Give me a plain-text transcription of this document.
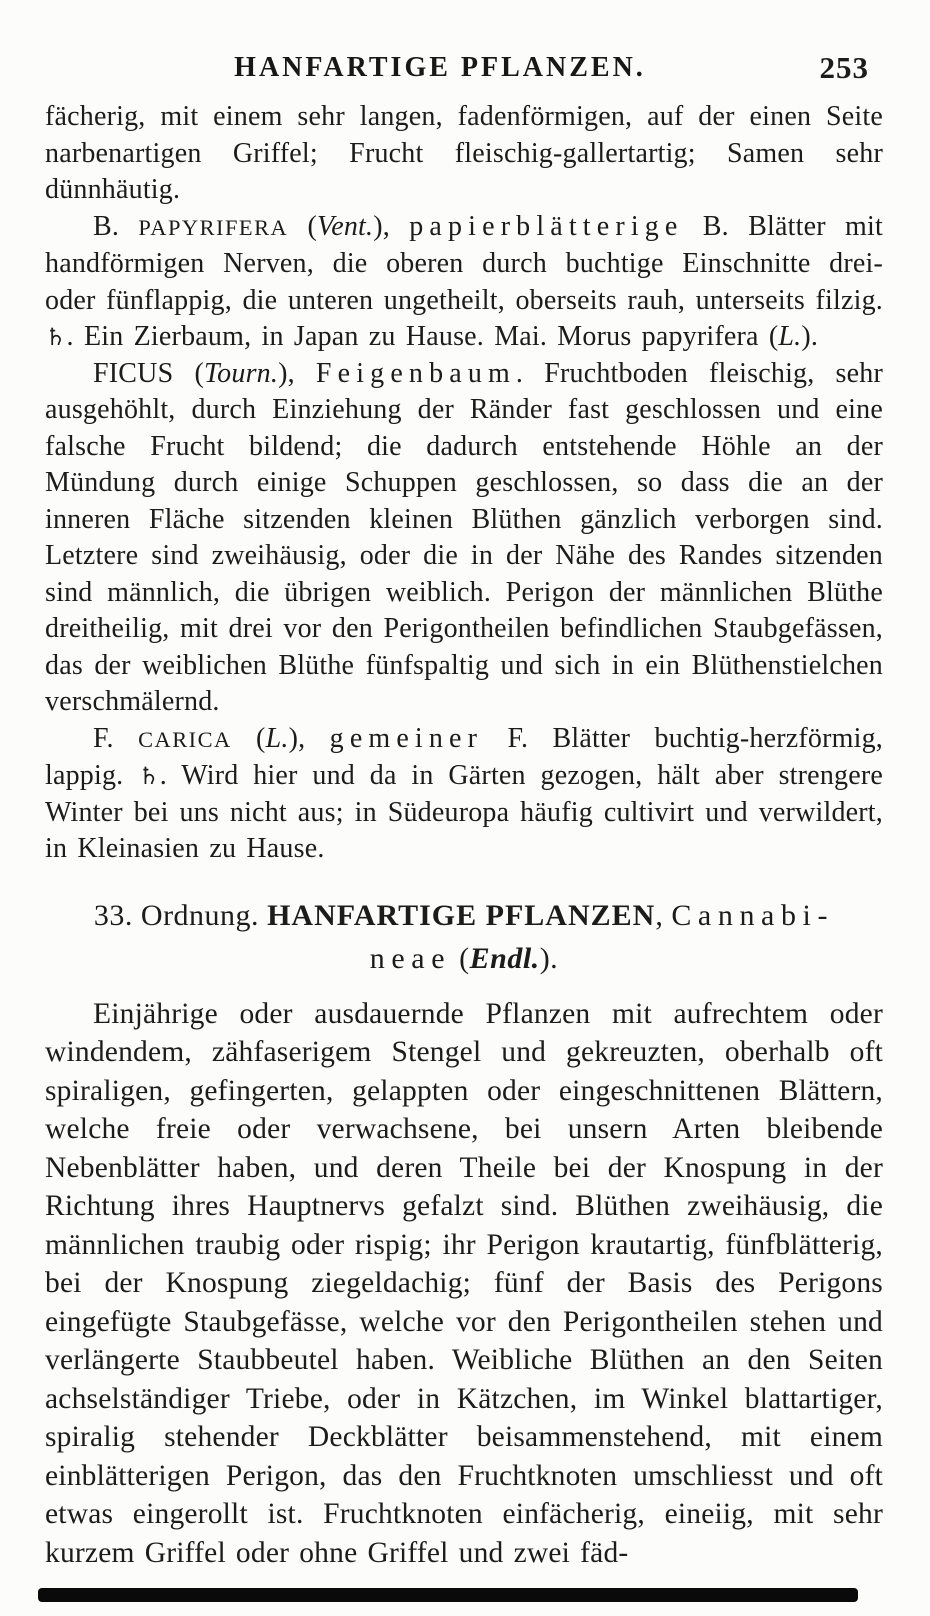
HANFARTIGE PFLANZEN.	253

fächerig, mit einem sehr langen, fadenförmigen, auf der einen Seite narbenartigen Griffel; Frucht fleischig-gallertartig; Samen sehr dünnhäutig.

B. PAPYRIFERA (Vent.), papierblätterige B. Blätter mit handförmigen Nerven, die oberen durch buchtige Einschnitte drei- oder fünflappig, die unteren ungetheilt, oberseits rauh, unterseits filzig. ♄. Ein Zierbaum, in Japan zu Hause. Mai. Morus papyrifera (L.).

FICUS (Tourn.), Feigenbaum. Fruchtboden fleischig, sehr ausgehöhlt, durch Einziehung der Ränder fast geschlossen und eine falsche Frucht bildend; die dadurch entstehende Höhle an der Mündung durch einige Schuppen geschlossen, so dass die an der inneren Fläche sitzenden kleinen Blüthen gänzlich verborgen sind. Letztere sind zweihäusig, oder die in der Nähe des Randes sitzenden sind männlich, die übrigen weiblich. Perigon der männlichen Blüthe dreitheilig, mit drei vor den Perigontheilen befindlichen Staubgefässen, das der weiblichen Blüthe fünfspaltig und sich in ein Blüthenstielchen verschmälernd.

F. CARICA (L.), gemeiner F. Blätter buchtig-herzförmig, lappig. ♄. Wird hier und da in Gärten gezogen, hält aber strengere Winter bei uns nicht aus; in Südeuropa häufig cultivirt und verwildert, in Kleinasien zu Hause.

33. Ordnung. HANFARTIGE PFLANZEN, Cannabi-
neae (Endl.).

Einjährige oder ausdauernde Pflanzen mit aufrechtem oder windendem, zähfaserigem Stengel und gekreuzten, oberhalb oft spiraligen, gefingerten, gelappten oder eingeschnittenen Blättern, welche freie oder verwachsene, bei unsern Arten bleibende Nebenblätter haben, und deren Theile bei der Knospung in der Richtung ihres Hauptnervs gefalzt sind. Blüthen zweihäusig, die männlichen traubig oder rispig; ihr Perigon krautartig, fünfblätterig, bei der Knospung ziegeldachig; fünf der Basis des Perigons eingefügte Staubgefässe, welche vor den Perigontheilen stehen und verlängerte Staubbeutel haben. Weibliche Blüthen an den Seiten achselständiger Triebe, oder in Kätzchen, im Winkel blattartiger, spiralig stehender Deckblätter beisammenstehend, mit einem einblätterigen Perigon, das den Fruchtknoten umschliesst und oft etwas eingerollt ist. Fruchtknoten einfächerig, eineiig, mit sehr kurzem Griffel oder ohne Griffel und zwei fäd-
